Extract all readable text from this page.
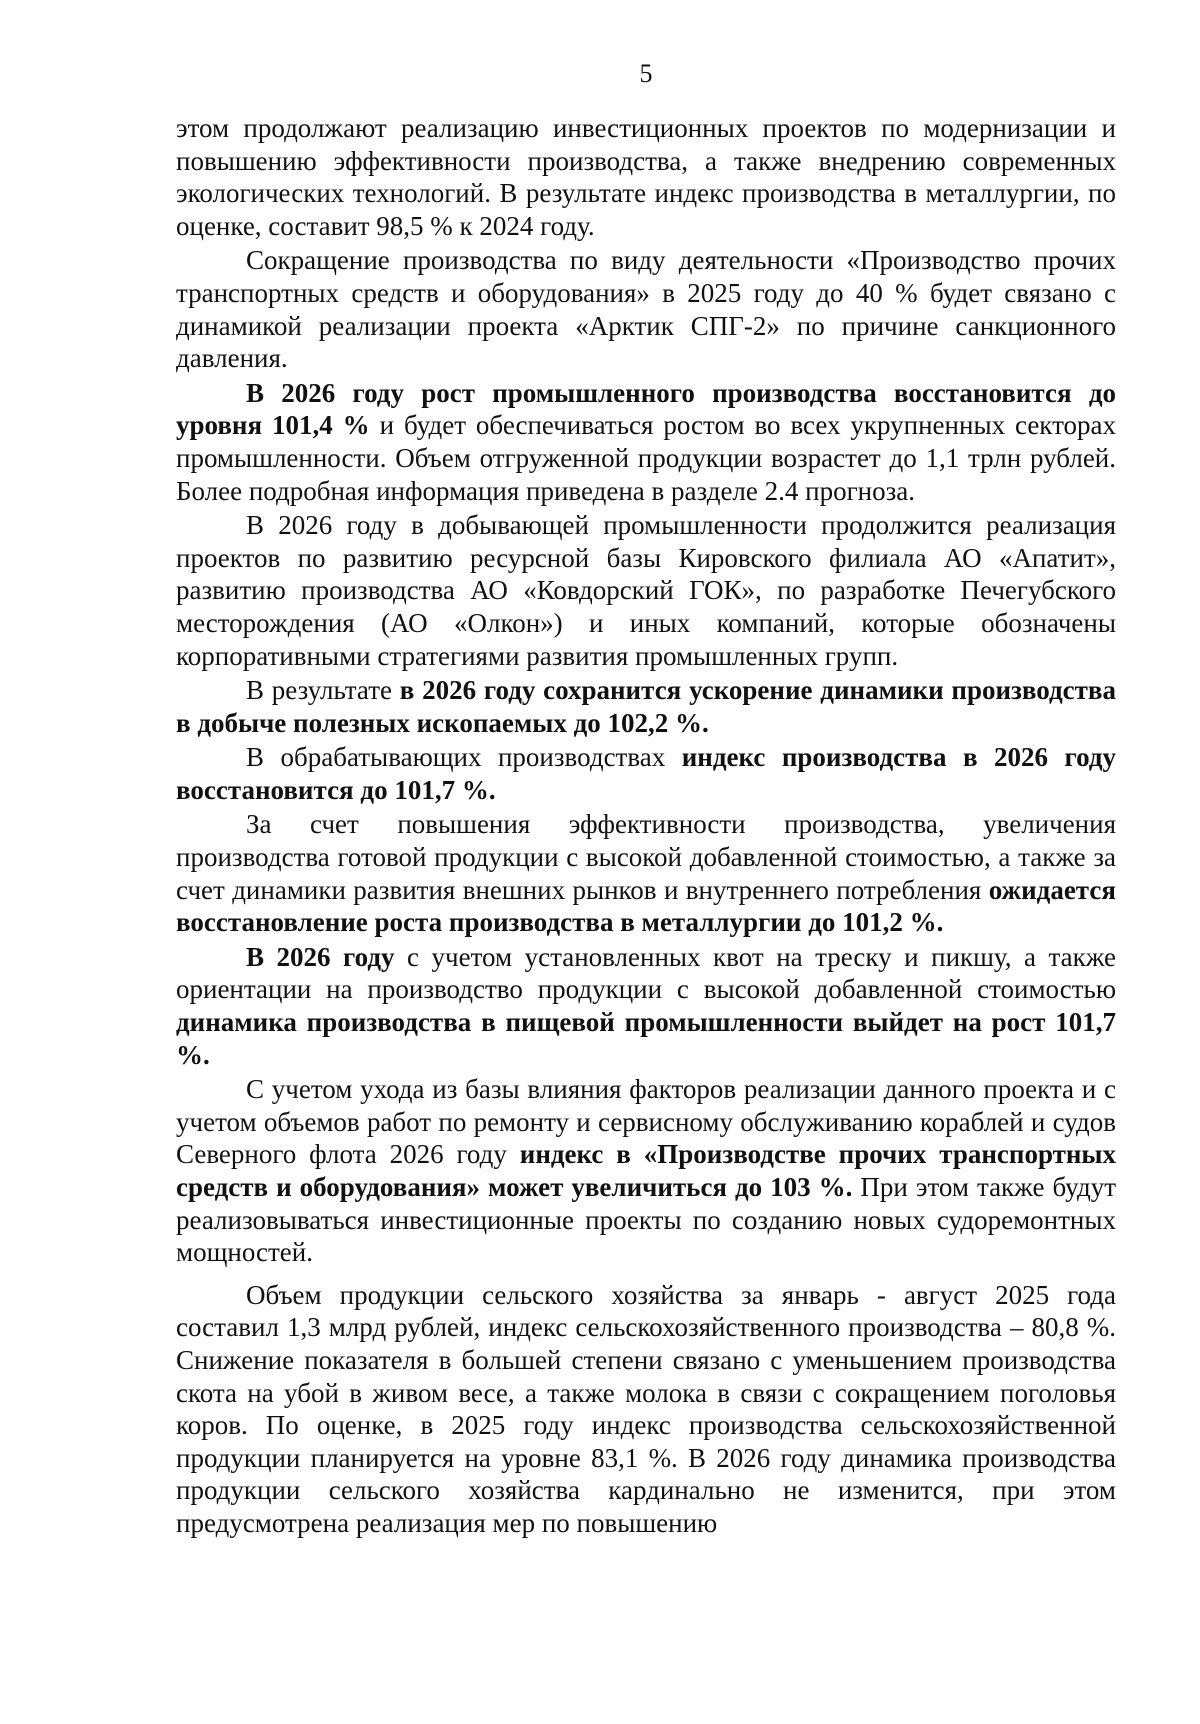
5

этом продолжают реализацию инвестиционных проектов по модернизации и повышению эффективности производства, а также внедрению современных экологических технологий. В результате индекс производства в металлургии, по оценке, составит 98,5 % к 2024 году.

Сокращение производства по виду деятельности «Производство прочих транспортных средств и оборудования» в 2025 году до 40 % будет связано с динамикой реализации проекта «Арктик СПГ-2» по причине санкционного давления.

В 2026 году рост промышленного производства восстановится до уровня 101,4 % и будет обеспечиваться ростом во всех укрупненных секторах промышленности. Объем отгруженной продукции возрастет до 1,1 трлн рублей. Более подробная информация приведена в разделе 2.4 прогноза.

В 2026 году в добывающей промышленности продолжится реализация проектов по развитию ресурсной базы Кировского филиала АО «Апатит», развитию производства АО «Ковдорский ГОК», по разработке Печегубского месторождения (АО «Олкон») и иных компаний, которые обозначены корпоративными стратегиями развития промышленных групп.

В результате в 2026 году сохранится ускорение динамики производства в добыче полезных ископаемых до 102,2 %.

В обрабатывающих производствах индекс производства в 2026 году восстановится до 101,7 %.

За счет повышения эффективности производства, увеличения производства готовой продукции с высокой добавленной стоимостью, а также за счет динамики развития внешних рынков и внутреннего потребления ожидается восстановление роста производства в металлургии до 101,2 %.

В 2026 году с учетом установленных квот на треску и пикшу, а также ориентации на производство продукции с высокой добавленной стоимостью динамика производства в пищевой промышленности выйдет на рост 101,7 %.

С учетом ухода из базы влияния факторов реализации данного проекта и с учетом объемов работ по ремонту и сервисному обслуживанию кораблей и судов Северного флота 2026 году индекс в «Производстве прочих транспортных средств и оборудования» может увеличиться до 103 %. При этом также будут реализовываться инвестиционные проекты по созданию новых судоремонтных мощностей.

Объем продукции сельского хозяйства за январь - август 2025 года составил 1,3 млрд рублей, индекс сельскохозяйственного производства – 80,8 %. Снижение показателя в большей степени связано с уменьшением производства скота на убой в живом весе, а также молока в связи с сокращением поголовья коров. По оценке, в 2025 году индекс производства сельскохозяйственной продукции планируется на уровне 83,1 %. В 2026 году динамика производства продукции сельского хозяйства кардинально не изменится, при этом предусмотрена реализация мер по повышению
